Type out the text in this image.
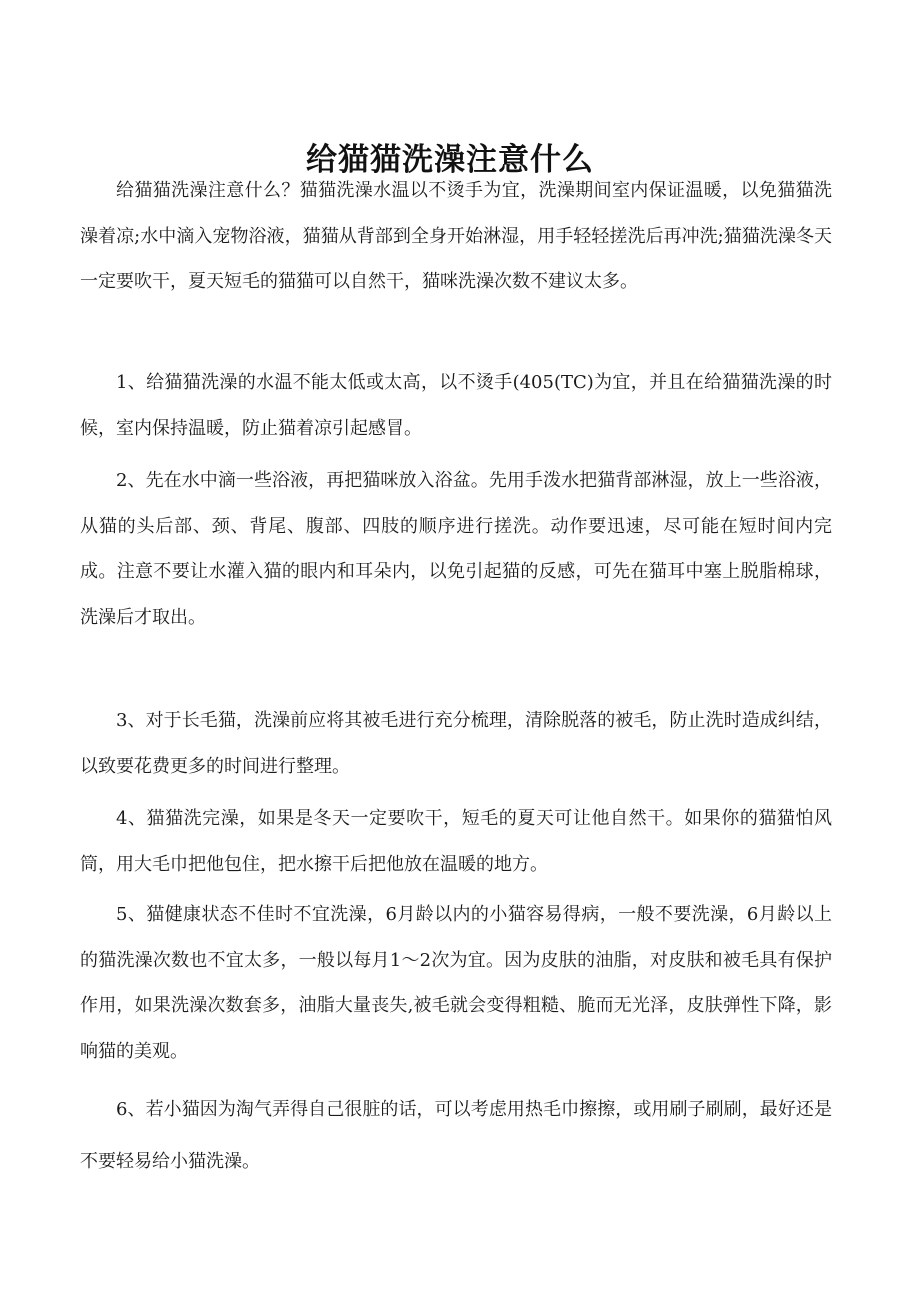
给猫猫洗澡注意什么

给猫猫洗澡注意什么？猫猫洗澡水温以不烫手为宜，洗澡期间室内保证温暖，以免猫猫洗澡着凉;水中滴入宠物浴液，猫猫从背部到全身开始淋湿，用手轻轻搓洗后再冲洗;猫猫洗澡冬天一定要吹干，夏天短毛的猫猫可以自然干，猫咪洗澡次数不建议太多。

1、给猫猫洗澡的水温不能太低或太高，以不烫手(405(TC)为宜，并且在给猫猫洗澡的时候，室内保持温暖，防止猫着凉引起感冒。

2、先在水中滴一些浴液，再把猫咪放入浴盆。先用手泼水把猫背部淋湿，放上一些浴液，从猫的头后部、颈、背尾、腹部、四肢的顺序进行搓洗。动作要迅速，尽可能在短时间内完成。注意不要让水灌入猫的眼内和耳朵内，以免引起猫的反感，可先在猫耳中塞上脱脂棉球，洗澡后才取出。

3、对于长毛猫，洗澡前应将其被毛进行充分梳理，清除脱落的被毛，防止洗时造成纠结，以致要花费更多的时间进行整理。

4、猫猫洗完澡，如果是冬天一定要吹干，短毛的夏天可让他自然干。如果你的猫猫怕风筒，用大毛巾把他包住，把水擦干后把他放在温暖的地方。

5、猫健康状态不佳时不宜洗澡，6月龄以内的小猫容易得病，一般不要洗澡，6月龄以上的猫洗澡次数也不宜太多，一般以每月1～2次为宜。因为皮肤的油脂，对皮肤和被毛具有保护作用，如果洗澡次数套多，油脂大量丧失,被毛就会变得粗糙、脆而无光泽，皮肤弹性下降，影响猫的美观。

6、若小猫因为淘气弄得自己很脏的话，可以考虑用热毛巾擦擦，或用刷子刷刷，最好还是不要轻易给小猫洗澡。
